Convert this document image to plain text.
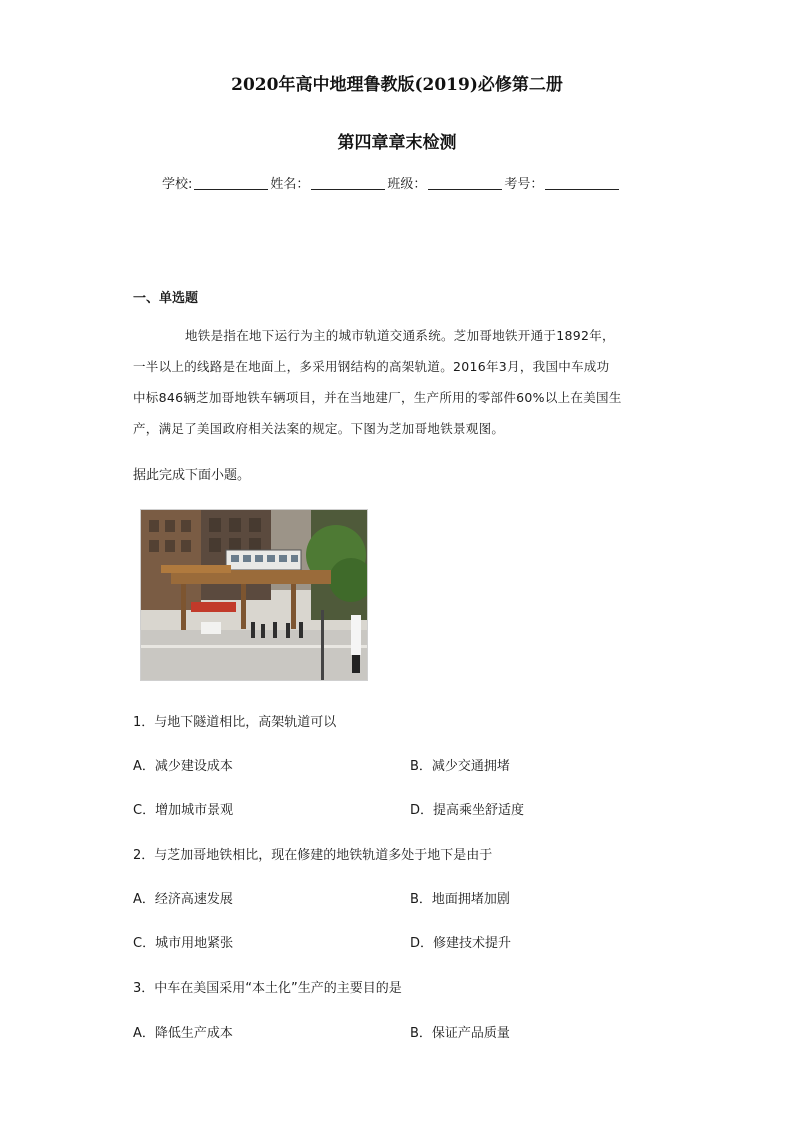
2020年高中地理鲁教版(2019)必修第二册
第四章章末检测
学校:	姓名：	班级：	考号：
一、单选题
地铁是指在地下运行为主的城市轨道交通系统。芝加哥地铁开通于1892年，
一半以上的线路是在地面上，多采用钢结构的高架轨道。2016年3月，我国中车成功
中标846辆芝加哥地铁车辆项目，并在当地建厂，生产所用的零部件60%以上在美国生
产，满足了美国政府相关法案的规定。下图为芝加哥地铁景观图。
据此完成下面小题。
1．与地下隧道相比，高架轨道可以
A．减少建设成本	B．减少交通拥堵
C．增加城市景观	D．提高乘坐舒适度
2．与芝加哥地铁相比，现在修建的地铁轨道多处于地下是由于
A．经济高速发展	B．地面拥堵加剧
C．城市用地紧张	D．修建技术提升
3．中车在美国采用“本土化”生产的主要目的是
A．降低生产成本	B．保证产品质量
